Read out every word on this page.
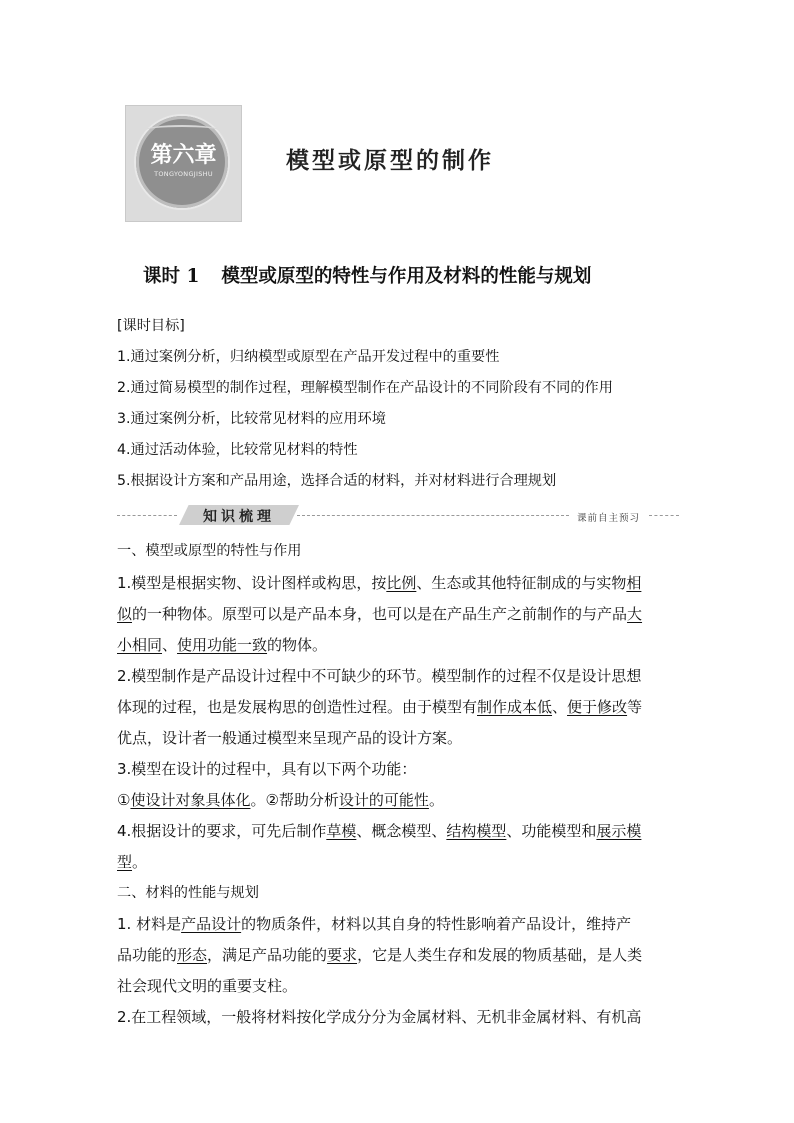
第六章
TONGYONGJISHU	模型或原型的制作
课时 1 模型或原型的特性与作用及材料的性能与规划
[课时目标]
1.通过案例分析，归纳模型或原型在产品开发过程中的重要性
2.通过简易模型的制作过程，理解模型制作在产品设计的不同阶段有不同的作用
3.通过案例分析，比较常见材料的应用环境
4.通过活动体验，比较常见材料的特性
5.根据设计方案和产品用途，选择合适的材料，并对材料进行合理规划
知识梳理	课前自主预习
一、模型或原型的特性与作用
1.模型是根据实物、设计图样或构思，按比例、生态或其他特征制成的与实物相
似的一种物体。原型可以是产品本身，也可以是在产品生产之前制作的与产品大
小相同、使用功能一致的物体。
2.模型制作是产品设计过程中不可缺少的环节。模型制作的过程不仅是设计思想
体现的过程，也是发展构思的创造性过程。由于模型有制作成本低、便于修改等
优点，设计者一般通过模型来呈现产品的设计方案。
3.模型在设计的过程中，具有以下两个功能：
①使设计对象具体化。②帮助分析设计的可能性。
4.根据设计的要求，可先后制作草模、概念模型、结构模型、功能模型和展示模
型。
二、材料的性能与规划
1. 材料是产品设计的物质条件，材料以其自身的特性影响着产品设计，维持产
品功能的形态，满足产品功能的要求，它是人类生存和发展的物质基础，是人类
社会现代文明的重要支柱。
2.在工程领域，一般将材料按化学成分分为金属材料、无机非金属材料、有机高
